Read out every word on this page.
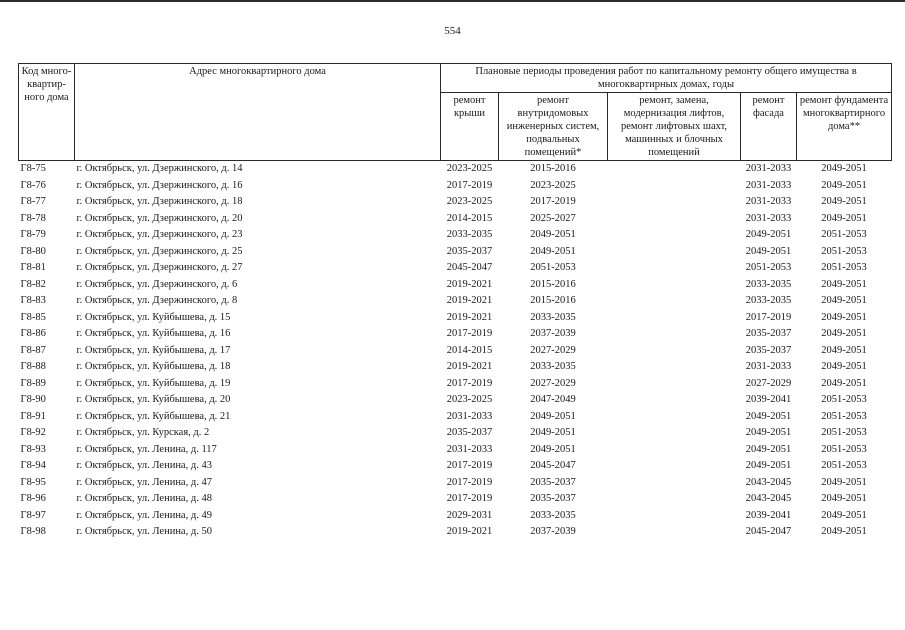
554
Код много-квартир-ного дома	Адрес многоквартирного дома	Плановые периоды проведения работ по капитальному ремонту общего имущества в многоквартирных домах, годы				
		ремонт крыши	ремонт внутридомовых инженерных систем, подвальных помещений*	ремонт, замена, модернизация лифтов, ремонт лифтовых шахт, машинных и блочных помещений	ремонт фасада	ремонт фундамента многоквартирного дома**
Г8-75	г. Октябрьск, ул. Дзержинского, д. 14	2023-2025	2015-2016		2031-2033	2049-2051
Г8-76	г. Октябрьск, ул. Дзержинского, д. 16	2017-2019	2023-2025		2031-2033	2049-2051
Г8-77	г. Октябрьск, ул. Дзержинского, д. 18	2023-2025	2017-2019		2031-2033	2049-2051
Г8-78	г. Октябрьск, ул. Дзержинского, д. 20	2014-2015	2025-2027		2031-2033	2049-2051
Г8-79	г. Октябрьск, ул. Дзержинского, д. 23	2033-2035	2049-2051		2049-2051	2051-2053
Г8-80	г. Октябрьск, ул. Дзержинского, д. 25	2035-2037	2049-2051		2049-2051	2051-2053
Г8-81	г. Октябрьск, ул. Дзержинского, д. 27	2045-2047	2051-2053		2051-2053	2051-2053
Г8-82	г. Октябрьск, ул. Дзержинского, д. 6	2019-2021	2015-2016		2033-2035	2049-2051
Г8-83	г. Октябрьск, ул. Дзержинского, д. 8	2019-2021	2015-2016		2033-2035	2049-2051
Г8-85	г. Октябрьск, ул. Куйбышева, д. 15	2019-2021	2033-2035		2017-2019	2049-2051
Г8-86	г. Октябрьск, ул. Куйбышева, д. 16	2017-2019	2037-2039		2035-2037	2049-2051
Г8-87	г. Октябрьск, ул. Куйбышева, д. 17	2014-2015	2027-2029		2035-2037	2049-2051
Г8-88	г. Октябрьск, ул. Куйбышева, д. 18	2019-2021	2033-2035		2031-2033	2049-2051
Г8-89	г. Октябрьск, ул. Куйбышева, д. 19	2017-2019	2027-2029		2027-2029	2049-2051
Г8-90	г. Октябрьск, ул. Куйбышева, д. 20	2023-2025	2047-2049		2039-2041	2051-2053
Г8-91	г. Октябрьск, ул. Куйбышева, д. 21	2031-2033	2049-2051		2049-2051	2051-2053
Г8-92	г. Октябрьск, ул. Курская, д. 2	2035-2037	2049-2051		2049-2051	2051-2053
Г8-93	г. Октябрьск, ул. Ленина, д. 117	2031-2033	2049-2051		2049-2051	2051-2053
Г8-94	г. Октябрьск, ул. Ленина, д. 43	2017-2019	2045-2047		2049-2051	2051-2053
Г8-95	г. Октябрьск, ул. Ленина, д. 47	2017-2019	2035-2037		2043-2045	2049-2051
Г8-96	г. Октябрьск, ул. Ленина, д. 48	2017-2019	2035-2037		2043-2045	2049-2051
Г8-97	г. Октябрьск, ул. Ленина, д. 49	2029-2031	2033-2035		2039-2041	2049-2051
Г8-98	г. Октябрьск, ул. Ленина, д. 50	2019-2021	2037-2039		2045-2047	2049-2051
